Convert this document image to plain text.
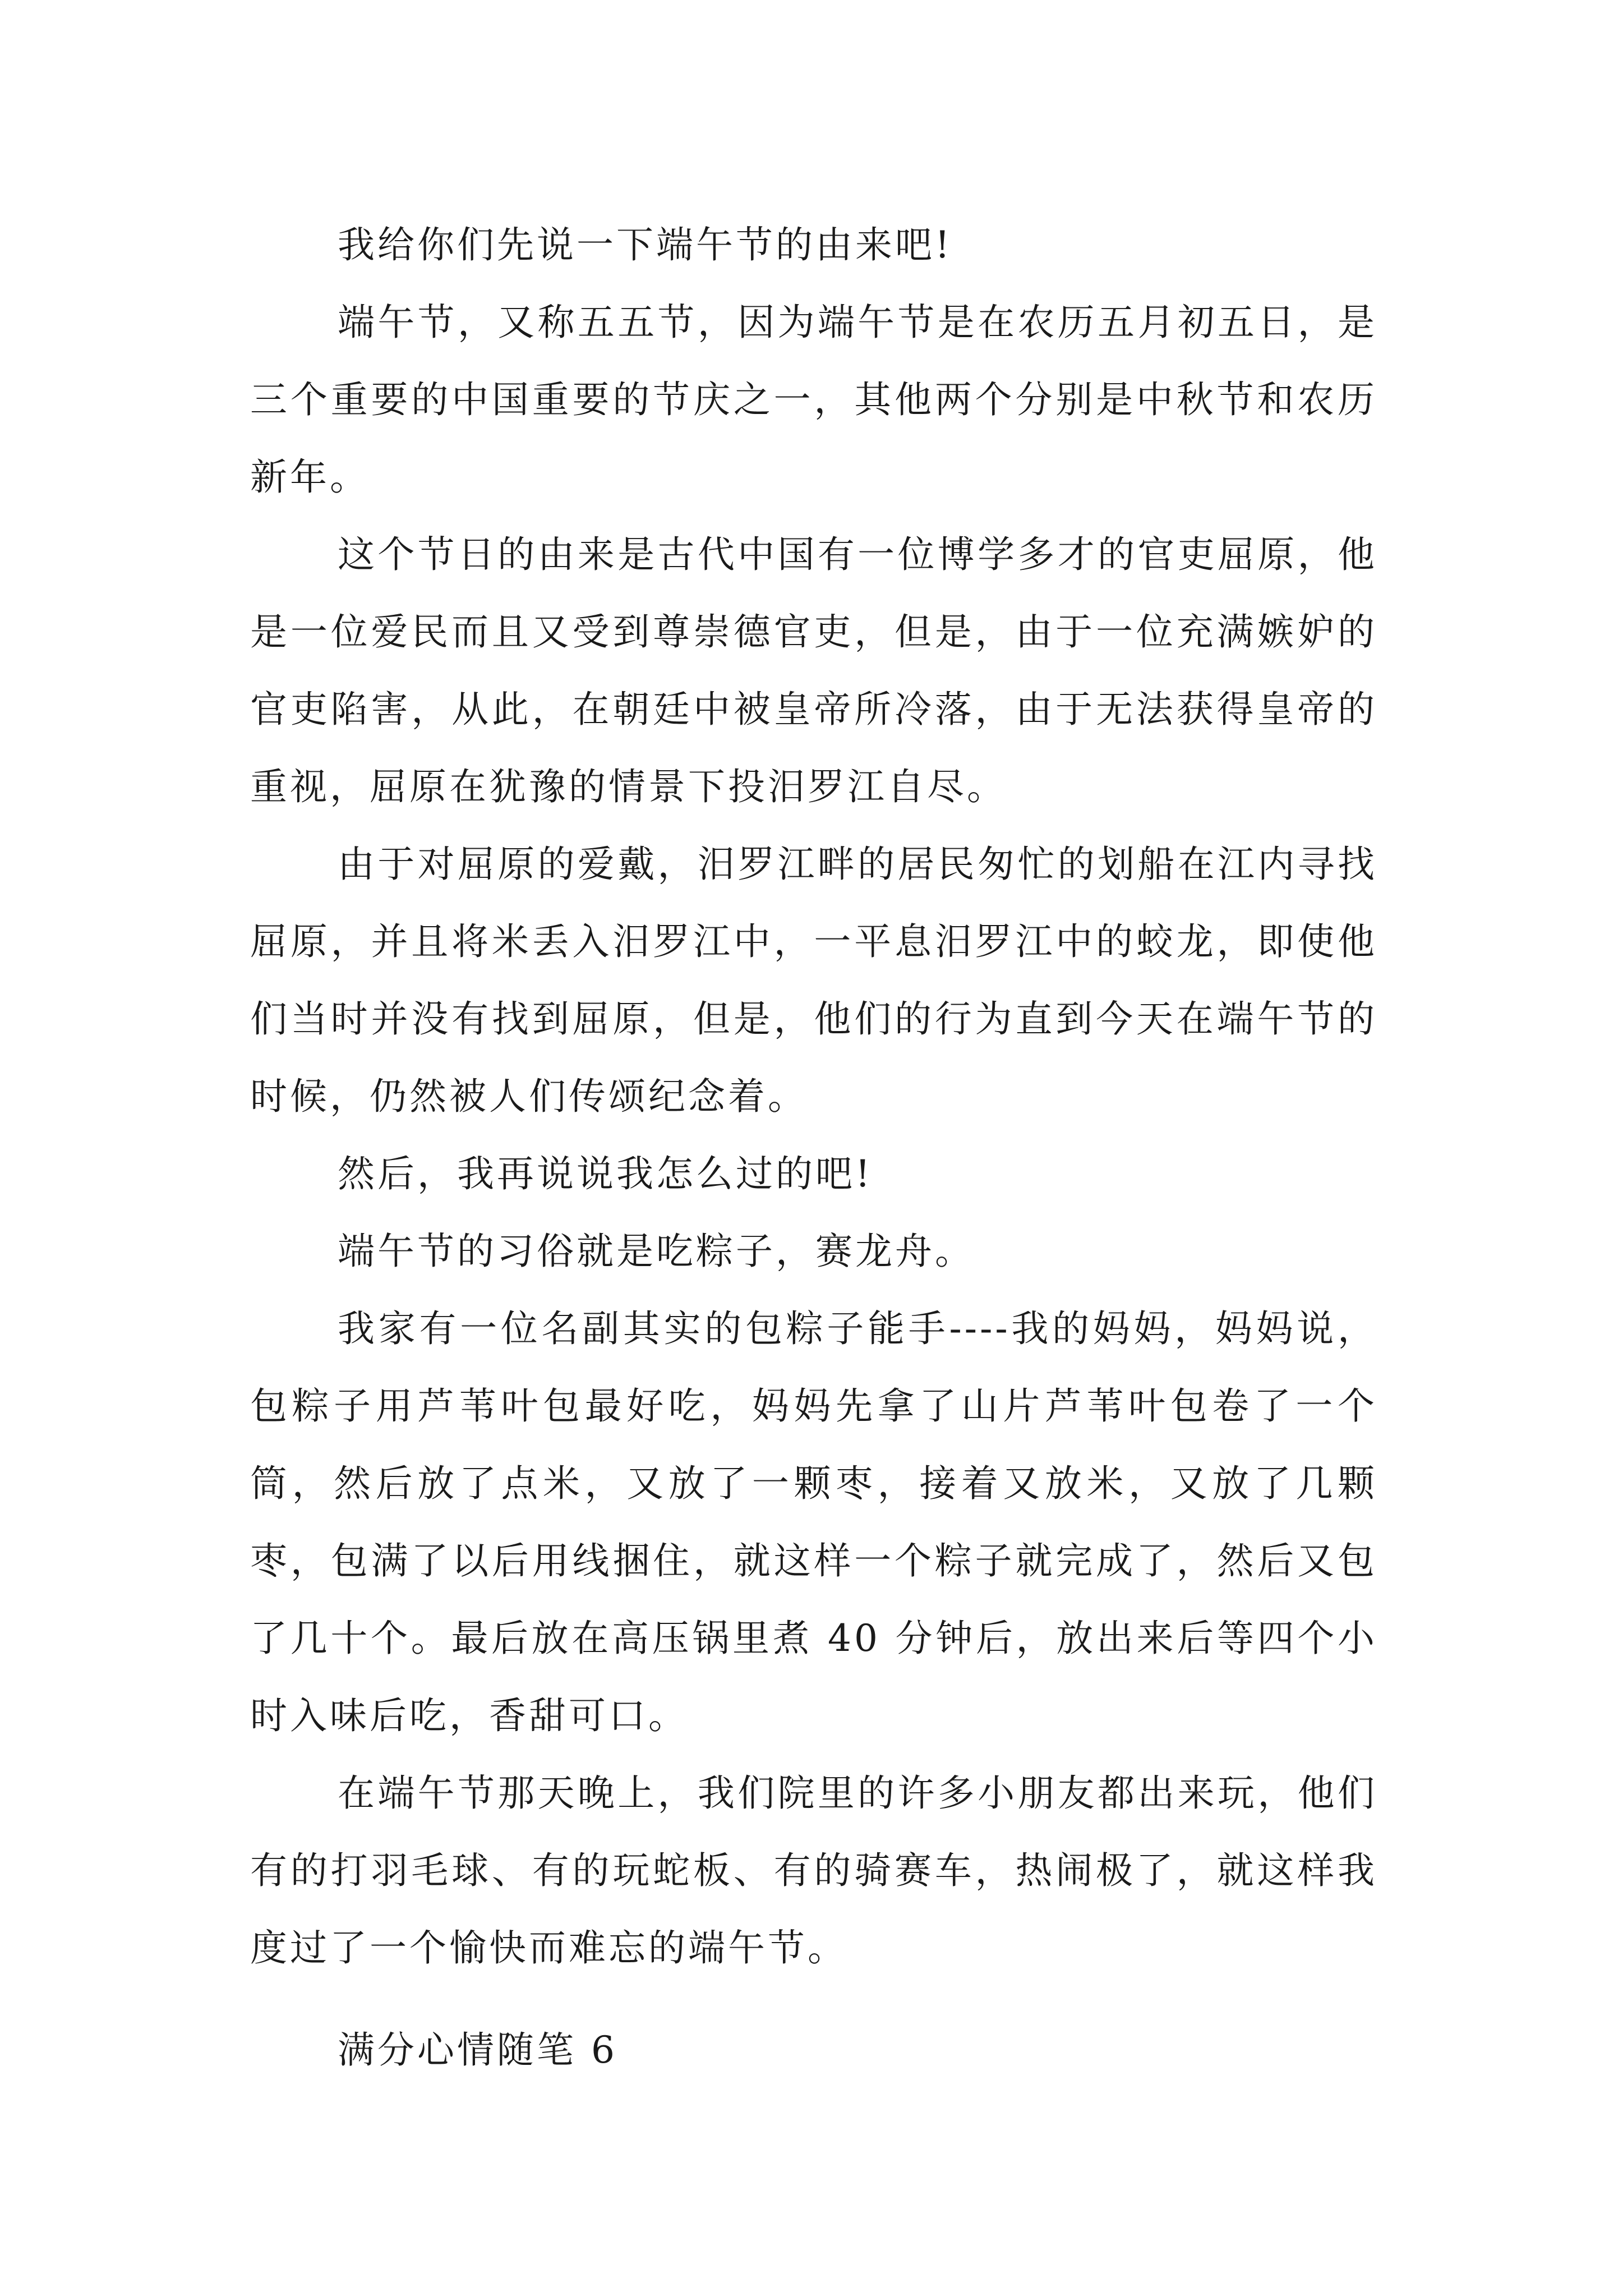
我给你们先说一下端午节的由来吧!

端午节，又称五五节，因为端午节是在农历五月初五日，是三个重要的中国重要的节庆之一，其他两个分别是中秋节和农历新年。

这个节日的由来是古代中国有一位博学多才的官吏屈原，他是一位爱民而且又受到尊崇德官吏，但是，由于一位充满嫉妒的官吏陷害，从此，在朝廷中被皇帝所冷落，由于无法获得皇帝的重视，屈原在犹豫的情景下投汨罗江自尽。

由于对屈原的爱戴，汨罗江畔的居民匆忙的划船在江内寻找屈原，并且将米丢入汨罗江中，一平息汨罗江中的蛟龙，即使他们当时并没有找到屈原，但是，他们的行为直到今天在端午节的时候，仍然被人们传颂纪念着。

然后，我再说说我怎么过的吧!

端午节的习俗就是吃粽子，赛龙舟。

我家有一位名副其实的包粽子能手----我的妈妈，妈妈说，包粽子用芦苇叶包最好吃，妈妈先拿了山片芦苇叶包卷了一个筒，然后放了点米，又放了一颗枣，接着又放米，又放了几颗枣，包满了以后用线捆住，就这样一个粽子就完成了，然后又包了几十个。最后放在高压锅里煮 40 分钟后，放出来后等四个小时入味后吃，香甜可口。

在端午节那天晚上，我们院里的许多小朋友都出来玩，他们有的打羽毛球、有的玩蛇板、有的骑赛车，热闹极了，就这样我度过了一个愉快而难忘的端午节。

满分心情随笔 6
